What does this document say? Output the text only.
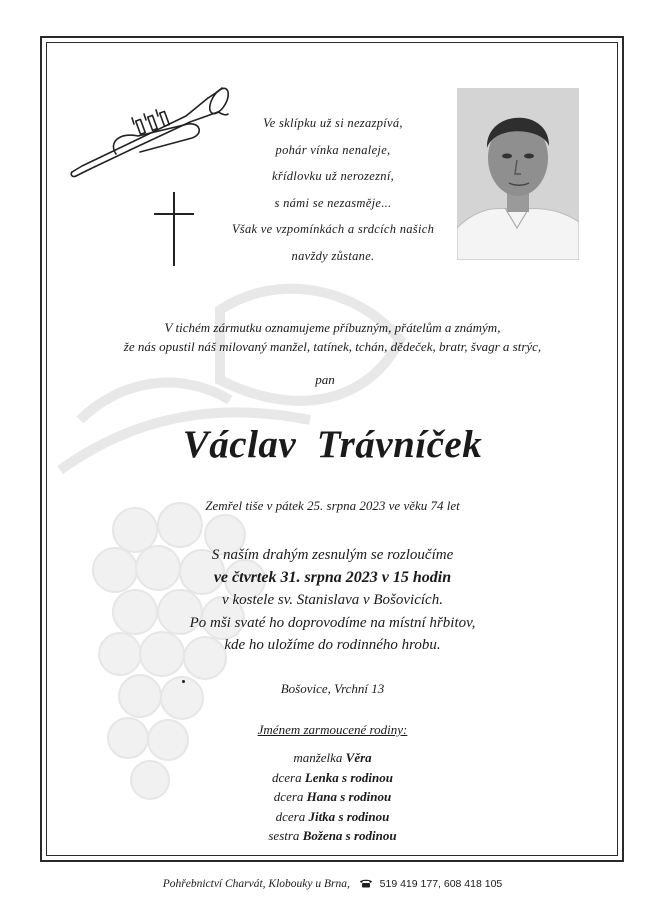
Ve sklípku už si nezazpívá,
pohár vínka nenaleje,
křídlovku už nerozezní,
s námi se nezasměje...
Však ve vzpomínkách a srdcích našich
navždy zůstane.
V tichém zármutku oznamujeme příbuzným, přátelům a známým,
že nás opustil náš milovaný manžel, tatínek, tchán, dědeček, bratr, švagr a strýc,
pan
Václav Trávníček
Zemřel tiše v pátek 25. srpna 2023 ve věku 74 let
S naším drahým zesnulým se rozloučíme
ve čtvrtek 31. srpna 2023 v 15 hodin
v kostele sv. Stanislava v Bošovicích.
Po mši svaté ho doprovodíme na místní hřbitov,
kde ho uložíme do rodinného hrobu.
Bošovice, Vrchní 13
Jménem zarmoucené rodiny:
manželka Věra
dcera Lenka s rodinou
dcera Hana s rodinou
dcera Jitka s rodinou
sestra Božena s rodinou
Pohřebnictví Charvát, Klobouky u Brna,	519 419 177, 608 418 105
